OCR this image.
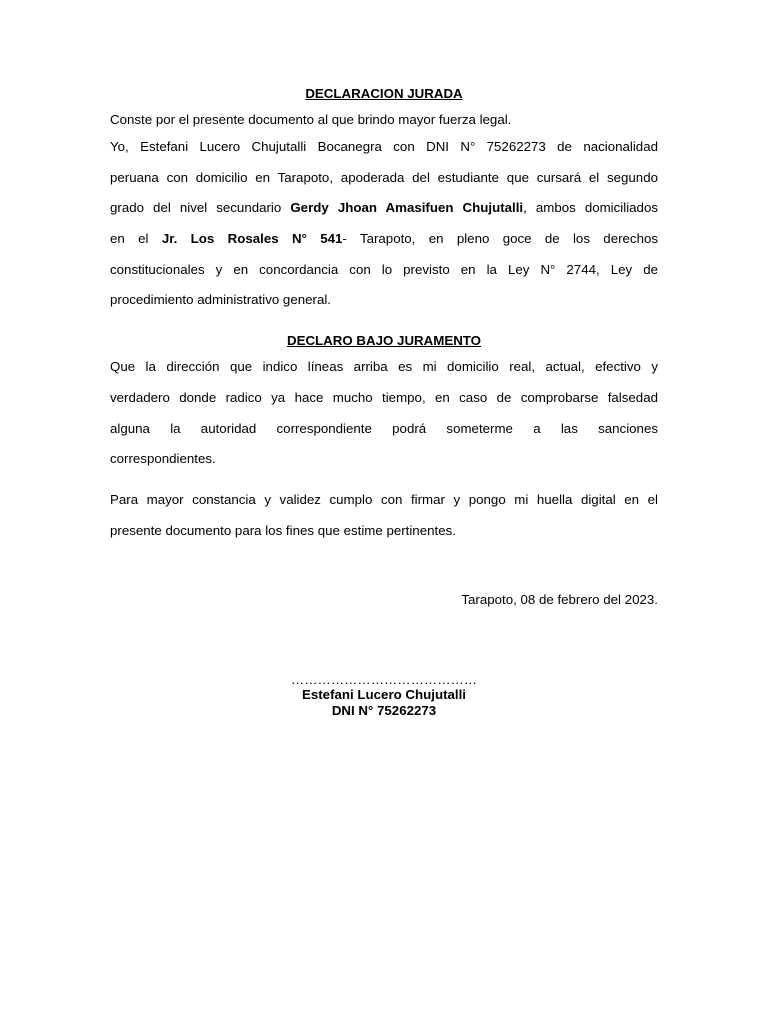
DECLARACION JURADA
Conste por el presente documento al que brindo mayor fuerza legal.
Yo, Estefani Lucero Chujutalli Bocanegra con DNI N° 75262273 de nacionalidad
peruana con domicilio en Tarapoto, apoderada del estudiante que cursará el segundo
grado del nivel secundario Gerdy Jhoan Amasifuen Chujutalli, ambos domiciliados
en el Jr. Los Rosales N° 541- Tarapoto, en pleno goce de los derechos
constitucionales y en concordancia con lo previsto en la Ley N° 2744, Ley de
procedimiento administrativo general.
DECLARO BAJO JURAMENTO
Que la dirección que indico líneas arriba es mi domicilio real, actual, efectivo y
verdadero donde radico ya hace mucho tiempo, en caso de comprobarse falsedad
alguna la autoridad correspondiente podrá someterme a las sanciones
correspondientes.
Para mayor constancia y validez cumplo con firmar y pongo mi huella digital en el
presente documento para los fines que estime pertinentes.
Tarapoto, 08 de febrero del 2023.
……………………………………
Estefani Lucero Chujutalli
DNI N° 75262273
